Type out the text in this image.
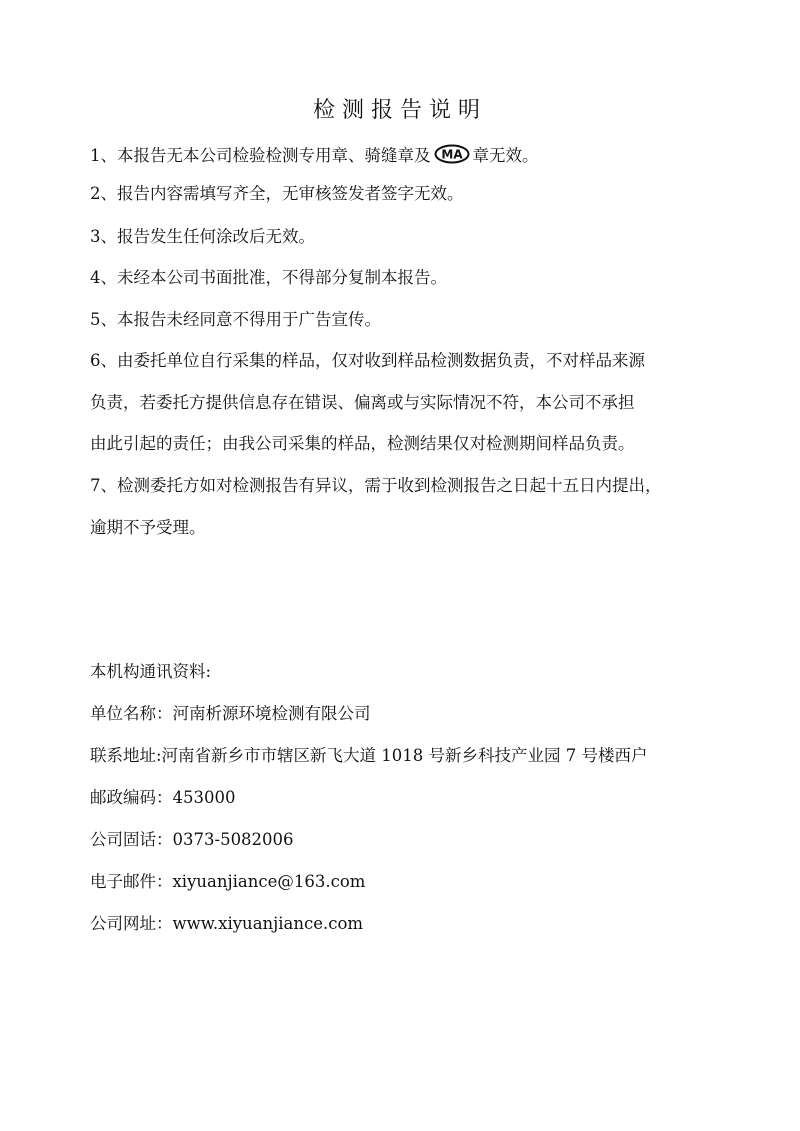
检测报告说明
1、本报告无本公司检验检测专用章、骑缝章及 MA 章无效。
2、报告内容需填写齐全，无审核签发者签字无效。
3、报告发生任何涂改后无效。
4、未经本公司书面批准，不得部分复制本报告。
5、本报告未经同意不得用于广告宣传。
6、由委托单位自行采集的样品，仅对收到样品检测数据负责，不对样品来源
负责，若委托方提供信息存在错误、偏离或与实际情况不符，本公司不承担
由此引起的责任；由我公司采集的样品，检测结果仅对检测期间样品负责。
7、检测委托方如对检测报告有异议，需于收到检测报告之日起十五日内提出，
逾期不予受理。
本机构通讯资料:
单位名称：河南析源环境检测有限公司
联系地址:河南省新乡市市辖区新飞大道 1018 号新乡科技产业园 7 号楼西户
邮政编码：453000
公司固话：0373-5082006
电子邮件：xiyuanjiance@163.com
公司网址：www.xiyuanjiance.com
